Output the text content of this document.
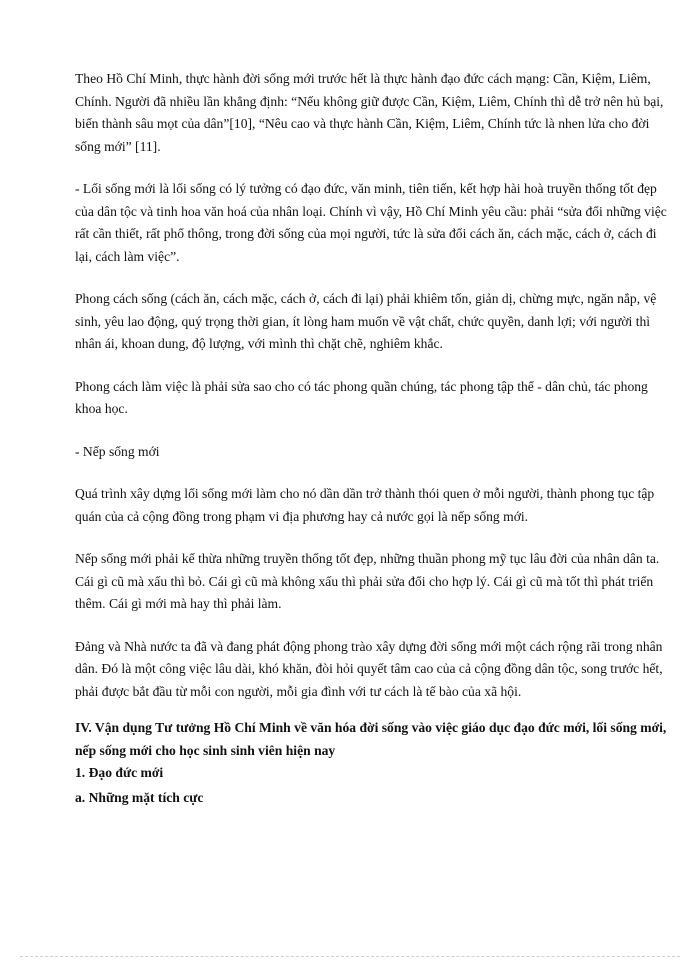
Theo Hồ Chí Minh, thực hành đời sống mới trước hết là thực hành đạo đức cách mạng: Cần, Kiệm, Liêm, Chính. Người đã nhiều lần khẳng định: “Nếu không giữ được Cần, Kiệm, Liêm, Chính thì dễ trở nên hủ bại, biến thành sâu mọt của dân”[10], “Nêu cao và thực hành Cần, Kiệm, Liêm, Chính tức là nhen lửa cho đời sống mới” [11].

- Lối sống mới là lối sống có lý tưởng có đạo đức, văn minh, tiên tiến, kết hợp hài hoà truyền thống tốt đẹp của dân tộc và tinh hoa văn hoá của nhân loại. Chính vì vậy, Hồ Chí Minh yêu cầu: phải “sửa đổi những việc rất cần thiết, rất phổ thông, trong đời sống của mọi người, tức là sửa đổi cách ăn, cách mặc, cách ở, cách đi lại, cách làm việc”.

Phong cách sống (cách ăn, cách mặc, cách ở, cách đi lại) phải khiêm tốn, giản dị, chừng mực, ngăn nắp, vệ sinh, yêu lao động, quý trọng thời gian, ít lòng ham muốn về vật chất, chức quyền, danh lợi; với người thì nhân ái, khoan dung, độ lượng, với mình thì chặt chẽ, nghiêm khắc.

Phong cách làm việc là phải sửa sao cho có tác phong quần chúng, tác phong tập thể - dân chủ, tác phong khoa học.

- Nếp sống mới

Quá trình xây dựng lối sống mới làm cho nó dần dần trở thành thói quen ở mỗi người, thành phong tục tập quán của cả cộng đồng trong phạm vi địa phương hay cả nước gọi là nếp sống mới.

Nếp sống mới phải kế thừa những truyền thống tốt đẹp, những thuần phong mỹ tục lâu đời của nhân dân ta. Cái gì cũ mà xấu thì bỏ. Cái gì cũ mà không xấu thì phải sửa đổi cho hợp lý. Cái gì cũ mà tốt thì phát triển thêm. Cái gì mới mà hay thì phải làm.

Đảng và Nhà nước ta đã và đang phát động phong trào xây dựng đời sống mới một cách rộng rãi trong nhân dân. Đó là một công việc lâu dài, khó khăn, đòi hỏi quyết tâm cao của cả cộng đồng dân tộc, song trước hết, phải được bắt đầu từ mỗi con người, mỗi gia đình với tư cách là tế bào của xã hội.

IV. Vận dụng Tư tưởng Hồ Chí Minh về văn hóa đời sống vào việc giáo dục đạo đức mới, lối sống mới, nếp sống mới cho học sinh sinh viên hiện nay
1. Đạo đức mới
a. Những mặt tích cực
